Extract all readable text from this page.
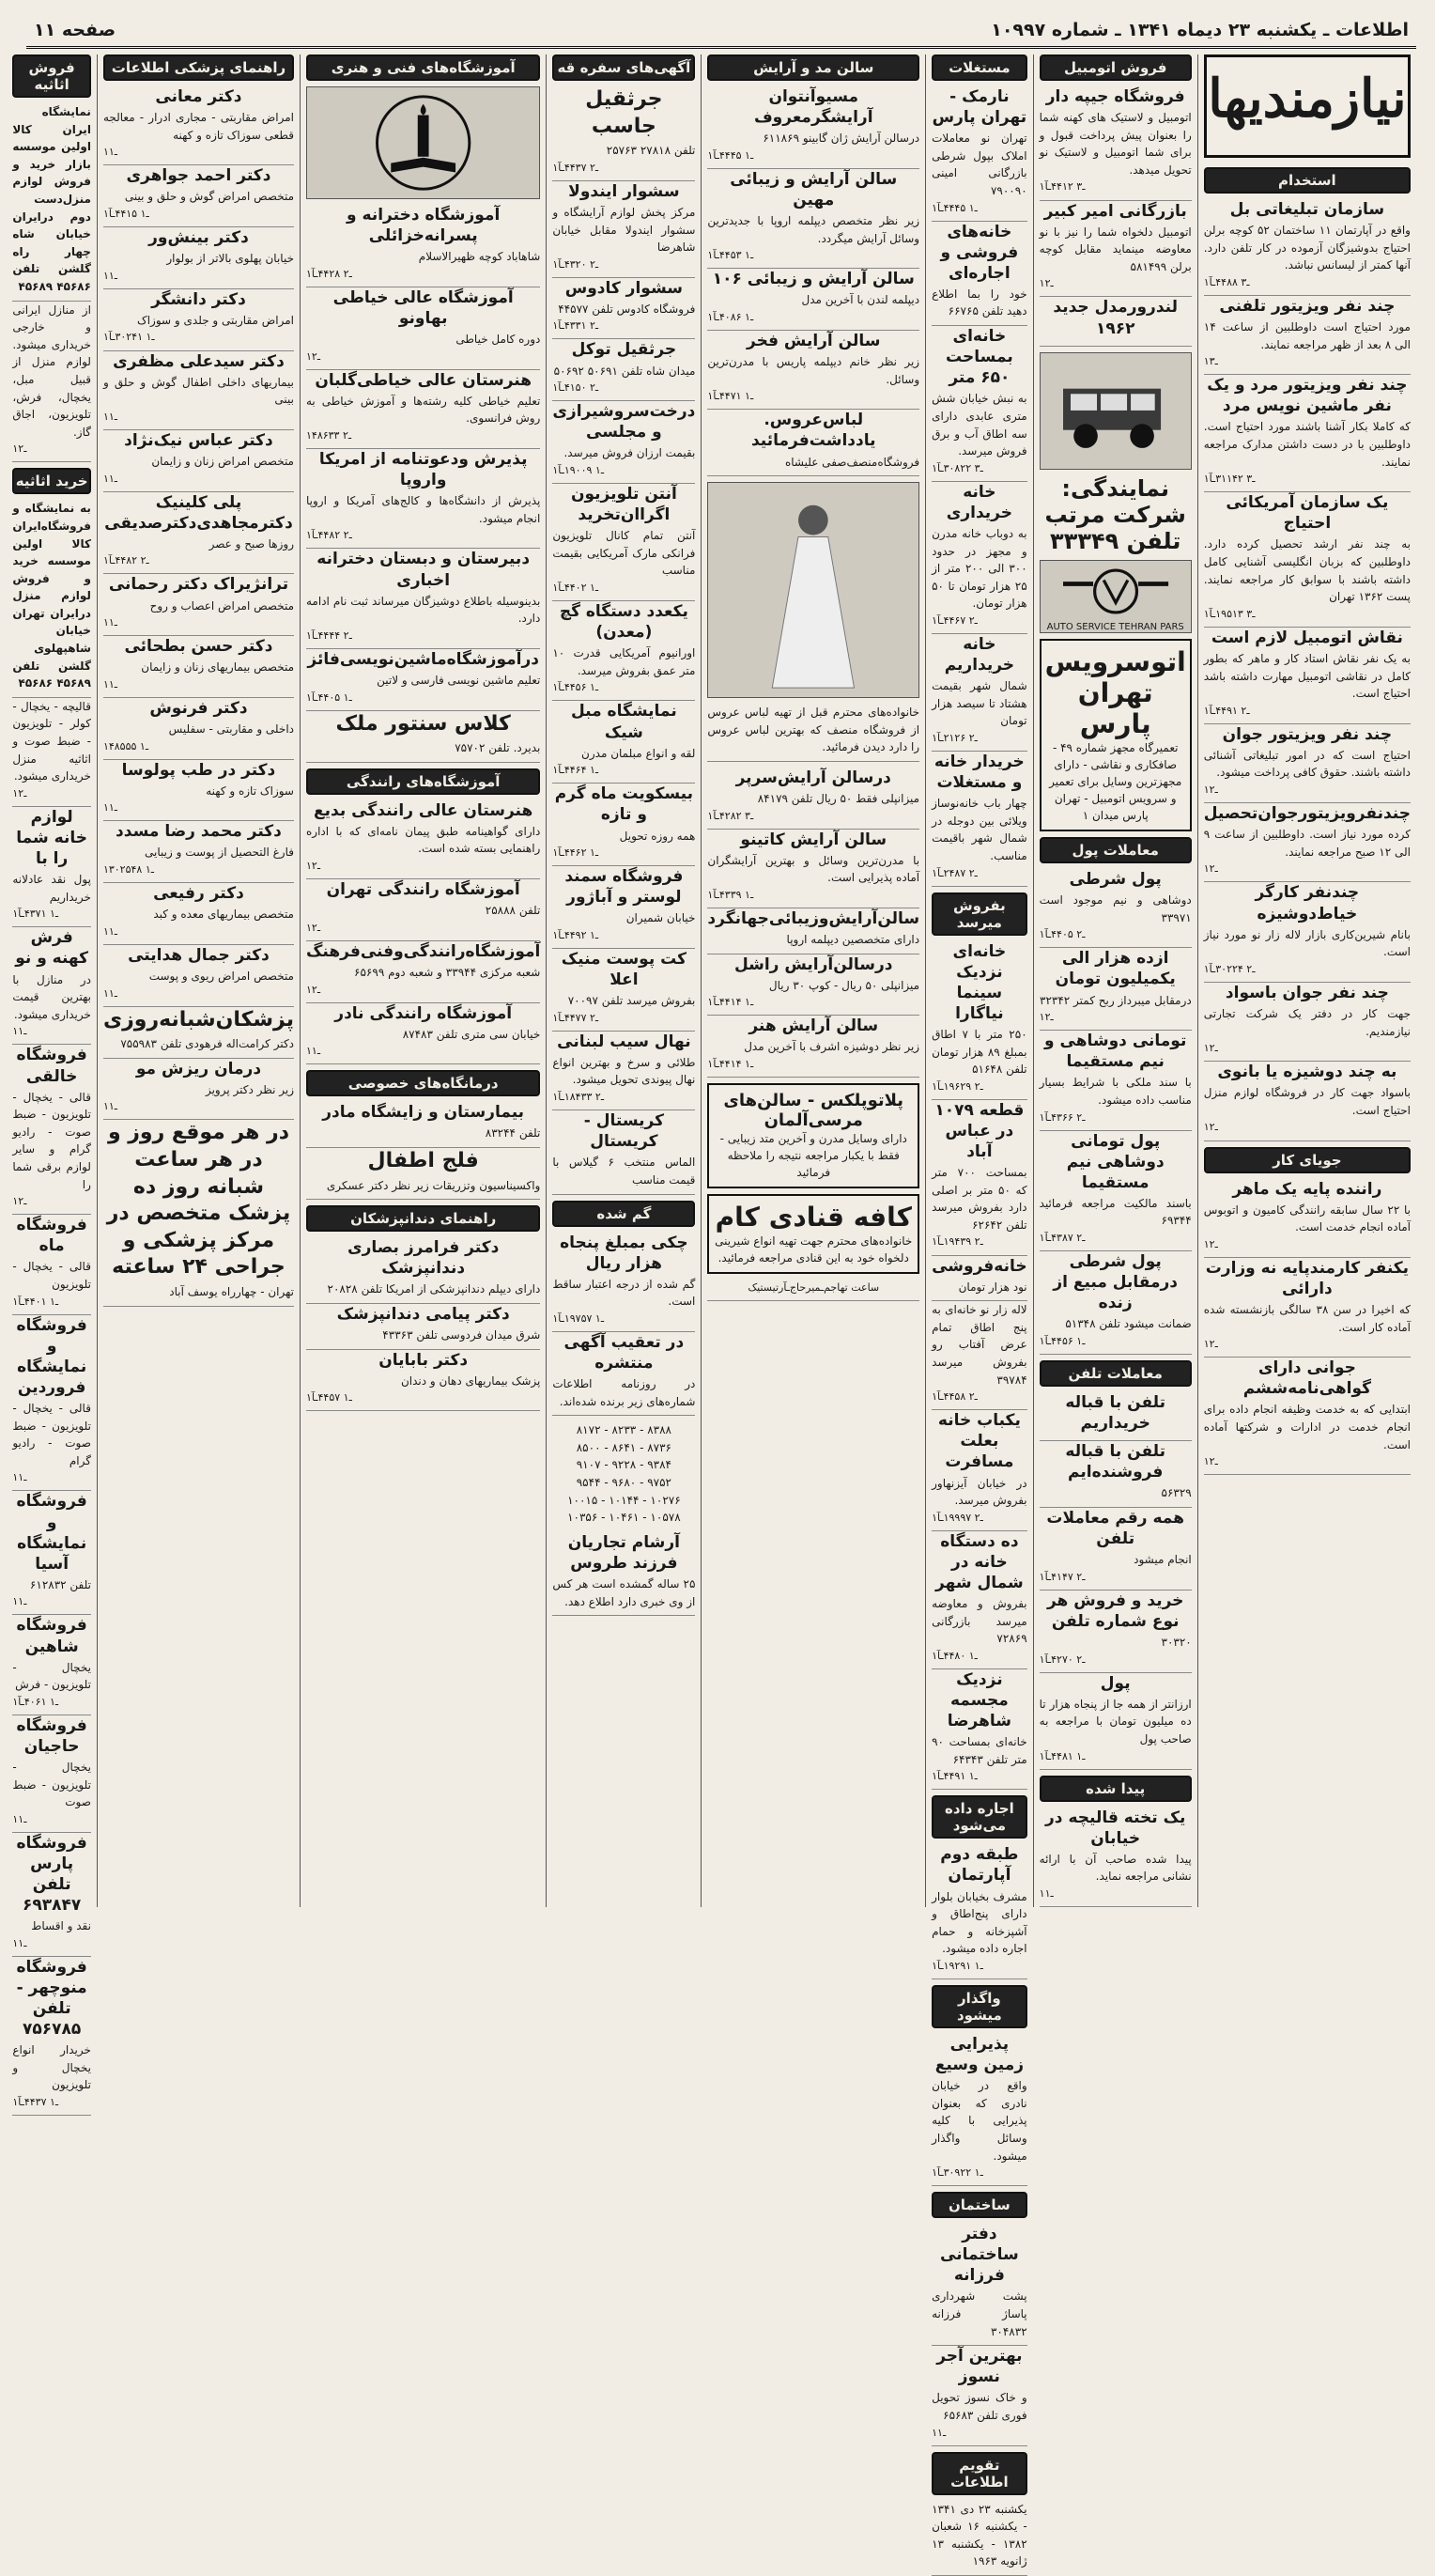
اطلاعات ـ یکشنبه ۲۳ دیماه ۱۳۴۱ ـ شماره ۱۰۹۹۷
صفحه ۱۱
نیازمندیها
استخدام
سازمان تبلیغاتی بل
واقع در آپارتمان ۱۱ ساختمان ۵۲ کوچه برلن احتیاج بدوشیزگان آزموده در کار تلفن دارد. آنها کمتر از لیسانس نباشد.
۱ـ۳ ۴۴۸۸ـآ
چند نفر ویزیتور تلفنی
مورد احتیاج است داوطلبین از ساعت ۱۴ الی ۸ بعد از ظهر مراجعه نمایند.
۱ـ۳
چند نفر ویزیتور مرد و یک نفر ماشین نویس مرد
که کاملا بکار آشنا باشند مورد احتیاج است. داوطلبین با در دست داشتن مدارک مراجعه نمایند.
۱ـ۳ ۳۱۱۴۲ـآ
یک سازمان آمریکائی احتیاج
به چند نفر ارشد تحصیل کرده دارد. داوطلبین که بزبان انگلیسی آشنایی کامل داشته باشند با سوابق کار مراجعه نمایند. پست ۱۳۶۲ تهران
۱ـ۳ ۱۹۵۱۳ـآ
نقاش اتومبیل لازم است
به یک نفر نقاش استاد کار و ماهر که بطور کامل در نقاشی اتومبیل مهارت داشته باشد احتیاج است.
۱ـ۲ ۴۴۹۱ـآ
چند نفر ویزیتور جوان
احتیاج است که در امور تبلیغاتی آشنائی داشته باشند. حقوق کافی پرداخت میشود.
۱ـ۲
چندنفرویزیتورجوان‌تحصیل
کرده مورد نیاز است. داوطلبین از ساعت ۹ الی ۱۲ صبح مراجعه نمایند.
۱ـ۲
چندنفر کارگر خیاط‌دوشیزه
بانام شیرین‌کاری بازار لاله زار نو مورد نیاز است.
۱ـ۲ ۳۰۲۲۴ـآ
چند نفر جوان باسواد
جهت کار در دفتر یک شرکت تجارتی نیازمندیم.
۱ـ۲
به چند دوشیزه یا بانوی
باسواد جهت کار در فروشگاه لوازم منزل احتیاج است.
۱ـ۲
جویای کار
راننده پایه یک ماهر
با ۲۲ سال سابقه رانندگی کامیون و اتوبوس آماده انجام خدمت است.
۱ـ۲
یکنفر کارمندپایه نه وزارت دارائی
که اخیرا در سن ۳۸ سالگی بازنشسته شده آماده کار است.
۱ـ۲
جوانی دارای گواهی‌نامه‌ششم
ابتدایی که به خدمت وظیفه انجام داده برای انجام خدمت در ادارات و شرکتها آماده است.
۱ـ۲
فروش اتومبیل
فروشگاه جیپه دار
اتومبیل و لاستیک های کهنه شما را بعنوان پیش پرداخت قبول و برای شما اتومبیل و لاستیک نو تحویل میدهد.
۱ـ۳ ۴۴۱۲ـآ
بازرگانی امیر کبیر
اتومبیل دلخواه شما را نیز با نو معاوضه مینماید مقابل کوچه برلن ۵۸۱۴۹۹
۱ـ۲
لندرورمدل جدید ۱۹۶۲
نمایندگی: شرکت مرتب تلفن ۳۳۳۴۹
AUTO SERVICE TEHRAN PARS
اتوسرویس تهران پارس
تعمیرگاه مجهز شماره ۴۹ - صافکاری و نقاشی - دارای مجهزترین وسایل برای تعمیر و سرویس اتومبیل - تهران پارس میدان ۱
معاملات پول
پول شرطی
دوشاهی و نیم موجود است ۳۳۹۷۱
۱ـ۲ ۴۴۰۵ـآ
ازده هزار الی یکمیلیون تومان
درمقابل میبرداز ربح کمتر ۳۲۳۴۲
۱ـ۲
تومانی دوشاهی و نیم مستقیما
با سند ملکی با شرایط بسیار مناسب داده میشود.
۱ـ۲ ۴۳۶۶ـآ
پول تومانی دوشاهی نیم مستقیما
باسند مالکیت مراجعه فرمائید ۶۹۳۴۴
۱ـ۲ ۴۳۸۷ـآ
پول شرطی درمقابل مبیع از زنده
ضمانت میشود تلفن ۵۱۳۴۸
۱ـ۱ ۴۴۵۶ـآ
معاملات تلفن
تلفن با قباله خریداریم
تلفن با قباله فروشنده‌ایم
۵۶۳۲۹
همه رقم معاملات تلفن
انجام میشود
۱ـ۲ ۴۱۴۷ـآ
خرید و فروش هر نوع شماره تلفن
۳۰۳۲۰
۱ـ۲ ۴۲۷۰ـآ
پول
ارزانتر از همه جا از پنجاه هزار تا ده میلیون تومان با مراجعه به صاحب پول
۱ـ۱ ۴۴۸۱ـآ
پیدا شده
یک تخته قالیچه در خیابان
پیدا شده صاحب آن با ارائه نشانی مراجعه نماید.
۱ـ۱
مستغلات
نارمک - تهران پارس
تهران نو معاملات املاک بپول شرطی بازرگانی امینی ۷۹۰۰۹۰
۱ـ۱ ۴۴۴۵ـآ
خانه‌های فروشی و اجاره‌ای
خود را بما اطلاع دهید تلفن ۶۶۷۶۵
خانه‌ای بمساحت ۶۵۰ متر
به نبش خیابان شش متری عابدی دارای سه اطاق آب و برق فروش میرسد.
۱ـ۳ ۳۰۸۲۲ـآ
خانه خریداری
به دوباب خانه مدرن و مجهز در حدود ۳۰۰ الی ۲۰۰ متر از ۲۵ هزار تومان تا ۵۰ هزار تومان.
۱ـ۲ ۴۴۶۷ـآ
خانه خریداریم
شمال شهر بقیمت هشتاد تا سیصد هزار تومان
۱ـ۲ ۲۱۲۶ـآ
خریدار خانه و مستغلات
چهار باب خانه‌نوساز ویلائی بین دوجله در شمال شهر باقیمت مناسب.
۱ـ۲ ۲۴۸۷ـآ
بفروش میرسد
خانه‌ای نزدیک سینما نیاگارا
۲۵۰ متر با ۷ اطاق بمبلغ ۸۹ هزار تومان تلفن ۵۱۶۴۸
۱ـ۲ ۱۹۶۲۹ـآ
قطعه ۱۰۷۹ در عباس آباد
بمساحت ۷۰۰ متر که ۵۰ متر بر اصلی دارد بفروش میرسد تلفن ۶۲۶۴۲
۱ـ۲ ۱۹۴۳۹ـآ
خانه‌فروشی
نود هزار تومان
لاله زار نو خانه‌ای به پنج اطاق تمام عرض آفتاب رو بفروش میرسد ۳۹۷۸۴
۱ـ۲ ۴۴۵۸ـآ
یکباب خانه بعلت مسافرت
در خیابان آیزنهاور بفروش میرسد.
۱ـ۲ ۱۹۹۹۷ـآ
ده دستگاه خانه در شمال شهر
بفروش و معاوضه میرسد بازرگانی ۷۲۸۶۹
۱ـ۱ ۴۴۸۰ـآ
نزدیک مجسمه شاهرضا
خانه‌ای بمساحت ۹۰ متر تلفن ۶۴۳۴۳
۱ـ۱ ۴۴۹۱ـآ
اجاره داده می‌شود
طبقه دوم آپارتمان
مشرف بخیابان بلوار دارای پنج‌اطاق و آشپزخانه و حمام اجاره داده میشود.
۱ـ۱ ۱۹۲۹۱ـآ
واگذار میشود
پذیرایی زمین وسیع
واقع در خیابان نادری که بعنوان پذیرایی با کلیه وسائل واگذار میشود.
۱ـ۱ ۳۰۹۲۲ـآ
ساختمان
دفتر ساختمانی فرزانه
پشت شهرداری پاساژ فرزانه ۳۰۴۸۳۲
بهترین آجر نسوز
و خاک نسوز تحویل فوری تلفن ۶۵۶۸۳
۱ـ۱
تقویم اطلاعات
یکشنبه ۲۳ دی ۱۳۴۱ - یکشنبه ۱۶ شعبان ۱۳۸۲ - یکشنبه ۱۳ ژانویه ۱۹۶۳
سالن مد و آرایش
مسیوآنتوان آرایشگرمعروف
درسالن آرایش ژان گابینو ۶۱۱۸۶۹
۱ـ۱ ۴۴۴۵ـآ
سالن آرایش و زیبائی مهین
زیر نظر متخصص دیپلمه اروپا با جدیدترین وسائل آرایش میگردد.
۱ـ۱ ۴۴۵۳ـآ
سالن آرایش و زیبائی ۱۰۶
دیپلمه لندن با آخرین مدل
۱ـ۱ ۴۰۸۶ـآ
سالن آرایش فخر
زیر نظر خانم دیپلمه پاریس با مدرن‌ترین وسائل.
۱ـ۱ ۴۴۷۱ـآ
لباس‌عروس. یادداشت‌فرمائید
فروشگاه‌منصف‌صفی علیشاه
خانواده‌های محترم قبل از تهیه لباس عروس از فروشگاه منصف که بهترین لباس عروس را دارد دیدن فرمائید.
درسالن آرایش‌سرپر
میزانپلی فقط ۵۰ ریال تلفن ۸۴۱۷۹
۱ـ۳ ۴۲۸۲ـآ
سالن آرایش کاتینو
با مدرن‌ترین وسائل و بهترین آرایشگران آماده پذیرایی است.
۱ـ۱ ۴۳۳۹ـآ
سالن‌آرایش‌وزیبائی‌جهانگرد
دارای متخصصین دیپلمه اروپا
درسالن‌آرایش راشل
میزانپلی ۵۰ ریال - کوپ ۳۰ ریال
۱ـ۱ ۴۴۱۴ـآ
سالن آرایش هنر
زیر نظر دوشیزه اشرف با آخرین مدل
۱ـ۱ ۴۴۱۴ـآ
پلاتوپلکس - سالن‌های مرسی‌آلمان
دارای وسایل مدرن و آخرین متد زیبایی - فقط با یکبار مراجعه نتیجه را ملاحظه فرمائید
کافه قنادی کام
خانواده‌های محترم جهت تهیه انواع شیرینی دلخواه خود به این قنادی مراجعه فرمائید.
ساعت تهاجم‌ـمیرحاج‌ـآرتیستیک
آگهی‌های سفره قه
جرثقیل جاسب
تلفن ۲۷۸۱۸ ۲۵۷۶۳
۱ـ۲ ۴۴۳۷ـآ
سشوار ایندولا
مرکز پخش لوازم آرایشگاه و سشوار ایندولا مقابل خیابان شاهرضا
۱ـ۲ ۴۳۲۰ـآ
سشوار کادوس
فروشگاه کادوس تلفن ۴۴۵۷۷
۱ـ۲ ۴۳۳۱ـآ
جرثقیل توکل
میدان شاه تلفن ۵۰۶۹۱ ۵۰۶۹۲
۱ـ۲ ۴۱۵۰ـآ
درخت‌سروشیرازی و مجلسی
بقیمت ارزان فروش میرسد.
۱ـ۱ ۱۹۰۰۹ـآ
آنتن تلویزیون اگراان‌تخرید
آنتن تمام کانال تلویزیون فرانکی مارک آمریکایی بقیمت مناسب
۱ـ۱ ۴۴۰۲ـآ
یکعدد دستگاه گچ (معدن)
اورانیوم آمریکایی قدرت ۱۰ متر عمق بفروش میرسد.
۱ـ۱ ۴۴۵۶ـآ
نمایشگاه مبل شیک
لقه و انواع مبلمان مدرن
۱ـ۱ ۴۴۶۴ـآ
بیسکویت ماه گرم و تازه
همه روزه تحویل
۱ـ۱ ۴۴۶۲ـآ
فروشگاه سمند لوستر و آباژور
خیابان شمیران
۱ـ۱ ۴۴۹۲ـآ
کت پوست منیک اعلا
بفروش میرسد تلفن ۷۰۰۹۷
۱ـ۲ ۴۴۷۷ـآ
نهال سیب لبنانی
طلائی و سرخ و بهترین انواع نهال پیوندی تحویل میشود.
۱ـ۲ ۱۸۴۳۳ـآ
کریستال - کریستال
الماس منتخب ۶ گیلاس با قیمت مناسب
گم شده
چکی بمبلغ پنجاه هزار ریال
گم شده از درجه اعتبار ساقط است.
۱ـ۱ ۱۹۷۵۷ـآ
در تعقیب آگهی منتشره
در روزنامه اطلاعات شماره‌های زیر برنده شده‌اند.
۸۱۷۲ - ۸۲۳۳ - ۸۳۸۸
۸۵۰۰ - ۸۶۴۱ - ۸۷۳۶
۹۱۰۷ - ۹۲۲۸ - ۹۳۸۴
۹۵۴۴ - ۹۶۸۰ - ۹۷۵۲
۱۰۰۱۵ - ۱۰۱۴۴ - ۱۰۲۷۶
۱۰۳۵۶ - ۱۰۴۶۱ - ۱۰۵۷۸
آرشام تجاریان فرزند طروس
۲۵ ساله گمشده است هر کس از وی خبری دارد اطلاع دهد.
آموزشگاه‌های فنی و هنری
آموزشگاه دخترانه و پسرانه‌خزائلی
شاهاباد کوچه ظهیرالاسلام
۱ـ۲ ۴۴۲۸ـآ
آموزشگاه عالی خیاطی بهاونو
دوره کامل خیاطی
۱ـ۲
هنرستان عالی خیاطی‌گلبان
تعلیم خیاطی کلیه رشته‌ها و آموزش خیاطی به روش فرانسوی.
۱ـ۲ ۴۸۶۳۳
پذیرش ودعوتنامه از امریکا واروپا
پذیرش از دانشگاه‌ها و کالج‌های آمریکا و اروپا انجام میشود.
۱ـ۲ ۴۴۸۲ـآ
دبیرستان و دبستان دخترانه اخباری
بدینوسیله باطلاع دوشیزگان میرساند ثبت نام ادامه دارد.
۱ـ۲ ۴۴۴۴ـآ
درآموزشگاه‌ماشین‌نویسی‌فائز
تعلیم ماشین نویسی فارسی و لاتین
۱ـ۱ ۴۴۰۵ـآ
کلاس سنتور ملک
بدیرد. تلفن ۷۵۷۰۲
آموزشگاه‌های رانندگی
هنرستان عالی رانندگی بدیع
دارای گواهینامه طبق پیمان نامه‌ای که با اداره راهنمایی بسته شده است.
۱ـ۲
آموزشگاه رانندگی تهران
تلفن ۲۵۸۸۸
۱ـ۲
آموزشگاه‌رانندگی‌وفنی‌فرهنگ
شعبه مرکزی ۳۳۹۴۴ و شعبه دوم ۶۵۶۹۹
۱ـ۲
آموزشگاه رانندگی نادر
خیابان سی متری تلفن ۸۷۴۸۳
۱ـ۱
درمانگاه‌های خصوصی
بیمارستان و زایشگاه مادر
تلفن ۸۳۲۴۴
فلج اطفال
واکسیناسیون وتزریقات زیر نظر دکتر عسکری
راهنمای دندانپزشکان
دکتر فرامرز بصاری دندانپزشک
دارای دیپلم دندانپزشکی از امریکا تلفن ۲۰۸۲۸
دکتر پیامی دندانپزشک
شرق میدان فردوسی تلفن ۴۳۳۶۳
دکتر بابایان
پزشک بیماریهای دهان و دندان
۱ـ۱ ۴۴۵۷ـآ
راهنمای پزشکی اطلاعات
دکتر معانی
امراض مقاربتی - مجاری ادرار - معالجه قطعی سوزاک تازه و کهنه
۱ـ۱
دکتر احمد جواهری
متخصص امراض گوش و حلق و بینی
۱ـ۱ ۴۴۱۵ـآ
دکتر بینش‌ور
خیابان پهلوی بالاتر از بولوار
۱ـ۱
دکتر دانشگر
امراض مقاربتی و جلدی و سوزاک
۱ـ۱ ۳۰۲۴۱ـآ
دکتر سیدعلی مظفری
بیماریهای داخلی اطفال گوش و حلق و بینی
۱ـ۱
دکتر عباس نیک‌نژاد
متخصص امراض زنان و زایمان
۱ـ۱
پلی کلینیک دکترمجاهدی‌دکترصدیقی
روزها صبح و عصر
۱ـ۲ ۴۴۸۲ـآ
ترانژیراک دکتر رحمانی
متخصص امراض اعصاب و روح
۱ـ۱
دکتر حسن بطحائی
متخصص بیماریهای زنان و زایمان
۱ـ۱
دکتر فرنوش
داخلی و مقاربتی - سفلیس
۱ـ۱ ۴۸۵۵۵
دکتر در طب پولوسا
سوزاک تازه و کهنه
۱ـ۱
دکتر محمد رضا مسدد
فارغ التحصیل از پوست و زیبایی
۱ـ۱ ۳۰۲۵۴۸
دکتر رفیعی
متخصص بیماریهای معده و کبد
۱ـ۱
دکتر جمال هدایتی
متخصص امراض ریوی و پوست
۱ـ۱
پزشکان‌شبانه‌روزی
دکتر کرامت‌اله فرهودی تلفن ۷۵۵۹۸۳
درمان ریزش مو
زیر نظر دکتر پرویز
۱ـ۱
در هر موقع روز و در هر ساعت شبانه روز ده پزشک متخصص در مرکز پزشکی و جراحی ۲۴ ساعته
تهران - چهارراه یوسف آباد
فروش اثاثیه
نمایشگاه ایران کالا اولین موسسه بازار خرید و فروش لوازم منزل‌دست دوم درایران خیابان شاه چهار راه گلشن تلفن ۴۵۶۸۶ ۴۵۶۸۹
از منازل ایرانی و خارجی خریداری میشود. لوازم منزل از قبیل مبل، یخچال، فرش، تلویزیون، اجاق گاز.
۱ـ۲
خرید اثاثیه
به نمایشگاه و فروشگاه‌ایران کالا اولین موسسه خرید و فروش لوازم منزل درایران تهران خیابان شاهپهلوی گلشن تلفن ۴۵۶۸۹ ۴۵۶۸۶
قالیچه - یخچال - کولر - تلویزیون - ضبط صوت و اثاثیه منزل خریداری میشود.
۱ـ۲
لوازم خانه شما را با
پول نقد عادلانه خریداریم
۱ـ۱ ۴۳۷۱ـآ
فرش کهنه و نو
در منازل با بهترین قیمت خریداری میشود.
۱ـ۱
فروشگاه خالقی
قالی - یخچال - تلویزیون - ضبط صوت - رادیو گرام و سایر لوازم برقی شما را
۱ـ۲
فروشگاه ماه
قالی - یخچال - تلویزیون
۱ـ۱ ۴۴۰۱ـآ
فروشگاه و نمایشگاه فروردین
قالی - یخچال - تلویزیون - ضبط صوت - رادیو گرام
۱ـ۱
فروشگاه و نمایشگاه آسیا
تلفن ۶۱۲۸۳۲
۱ـ۱
فروشگاه شاهین
یخچال - تلویزیون - فرش
۱ـ۱ ۴۰۶۱ـآ
فروشگاه حاجیان
یخچال - تلویزیون - ضبط صوت
۱ـ۱
فروشگاه پارس تلفن ۶۹۳۸۴۷
نقد و اقساط
۱ـ۱
فروشگاه منوچهر - تلفن ۷۵۶۷۸۵
خریدار انواع یخچال و تلویزیون
۱ـ۱ ۴۴۳۷ـآ
